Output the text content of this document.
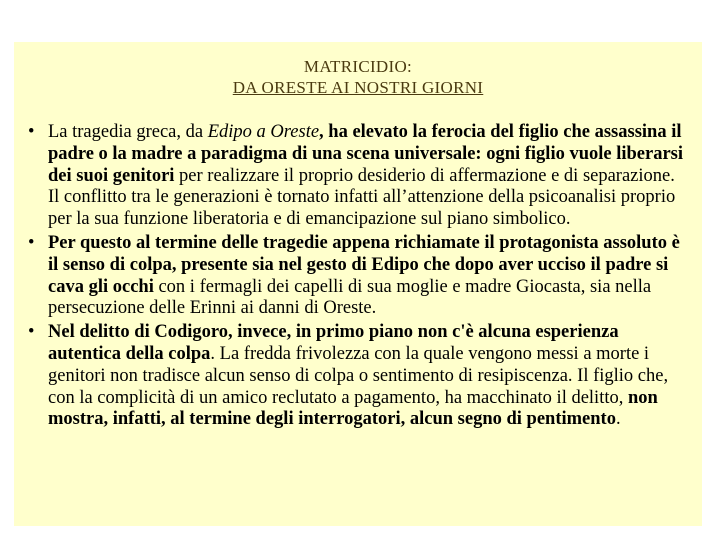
MATRICIDIO:
DA ORESTE AI NOSTRI GIORNI
• La tragedia greca, da Edipo a Oreste, ha elevato la ferocia del figlio che assassina il padre o la madre a paradigma di una scena universale: ogni figlio vuole liberarsi dei suoi genitori per realizzare il proprio desiderio di affermazione e di separazione. Il conflitto tra le generazioni è tornato infatti all’attenzione della psicoanalisi proprio per la sua funzione liberatoria e di emancipazione sul piano simbolico.
• Per questo al termine delle tragedie appena richiamate il protagonista assoluto è il senso di colpa, presente sia nel gesto di Edipo che dopo aver ucciso il padre si cava gli occhi con i fermagli dei capelli di sua moglie e madre Giocasta, sia nella persecuzione delle Erinni ai danni di Oreste.
• Nel delitto di Codigoro, invece, in primo piano non c'è alcuna esperienza autentica della colpa. La fredda frivolezza con la quale vengono messi a morte i genitori non tradisce alcun senso di colpa o sentimento di resipiscenza. Il figlio che, con la complicità di un amico reclutato a pagamento, ha macchinato il delitto, non mostra, infatti, al termine degli interrogatori, alcun segno di pentimento.
